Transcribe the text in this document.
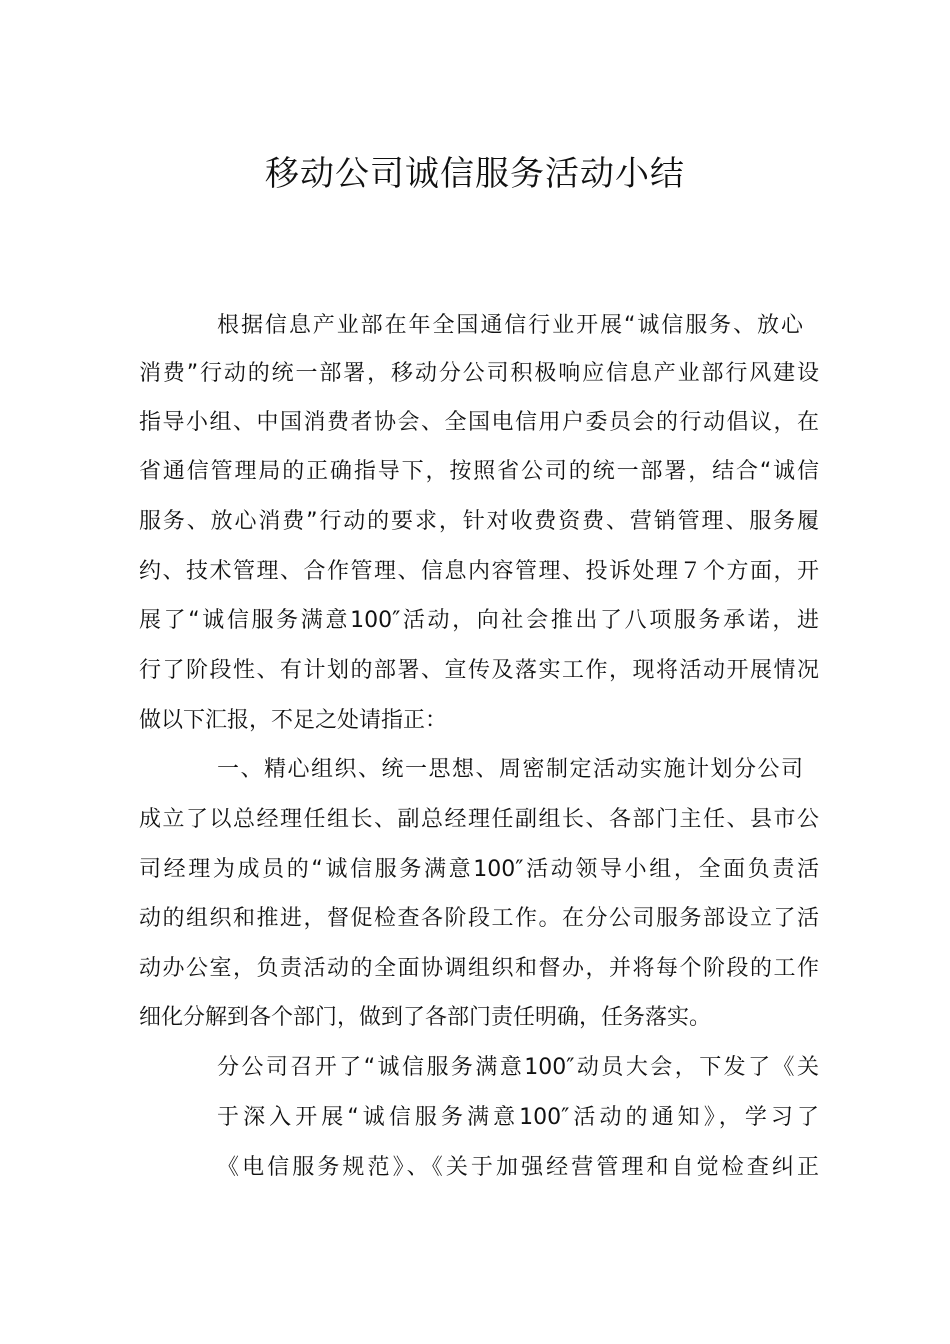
移动公司诚信服务活动小结
根据信息产业部在年全国通信行业开展“诚信服务、放心
消费”行动的统一部署，移动分公司积极响应信息产业部行风建设
指导小组、中国消费者协会、全国电信用户委员会的行动倡议，在
省通信管理局的正确指导下，按照省公司的统一部署，结合“诚信
服务、放心消费”行动的要求，针对收费资费、营销管理、服务履
约、技术管理、合作管理、信息内容管理、投诉处理７个方面，开
展了“诚信服务满意100″活动，向社会推出了八项服务承诺，进
行了阶段性、有计划的部署、宣传及落实工作，现将活动开展情况
做以下汇报，不足之处请指正：
一、精心组织、统一思想、周密制定活动实施计划分公司
成立了以总经理任组长、副总经理任副组长、各部门主任、县市公
司经理为成员的“诚信服务满意100″活动领导小组，全面负责活
动的组织和推进，督促检查各阶段工作。在分公司服务部设立了活
动办公室，负责活动的全面协调组织和督办，并将每个阶段的工作
细化分解到各个部门，做到了各部门责任明确，任务落实。
分公司召开了“诚信服务满意100″动员大会，下发了《关
于深入开展“诚信服务满意100″活动的通知》，学习了
《电信服务规范》、《关于加强经营管理和自觉检查纠正
